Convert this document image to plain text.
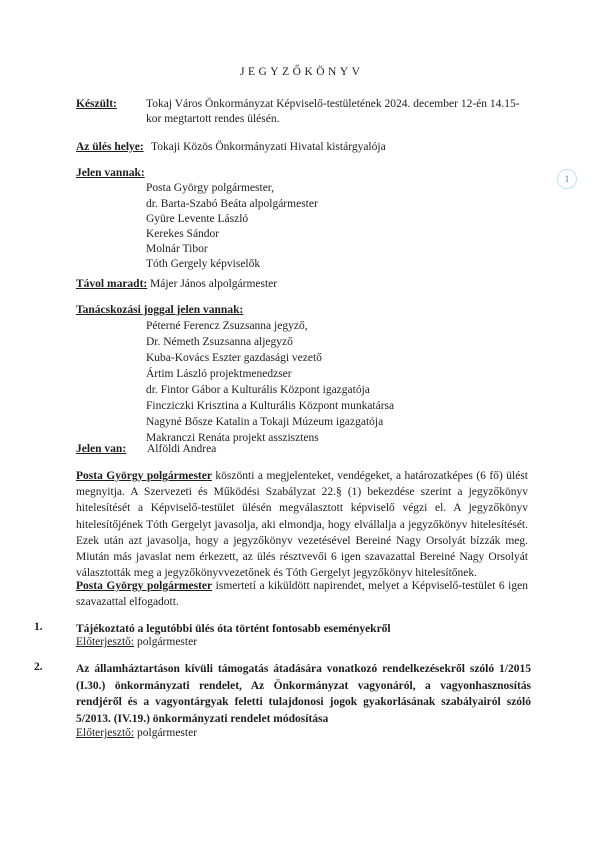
JEGYZŐKÖNYV
Készült:	Tokaj Város Önkormányzat Képviselő-testületének 2024. december 12-én 14.15-
kor megtartott rendes ülésén.
Az ülés helye: Tokaji Közös Önkormányzati Hivatal kistárgyalója
Jelen vannak:
Posta György polgármester,
dr. Barta-Szabó Beáta alpolgármester
Gyüre Levente László
Kerekes Sándor
Molnár Tibor
Tóth Gergely képviselők
Távol maradt: Májer János alpolgármester
Tanácskozási joggal jelen vannak:
Péterné Ferencz Zsuzsanna jegyző,
Dr. Németh Zsuzsanna aljegyző
Kuba-Kovács Eszter gazdasági vezető
Ártim László projektmenedzser
dr. Fintor Gábor a Kulturális Központ igazgatója
Fincziczki Krisztina a Kulturális Központ munkatársa
Nagyné Bősze Katalin a Tokaji Múzeum igazgatója
Makranczi Renáta projekt asszisztens
Jelen van: Alföldi Andrea
Posta György polgármester köszönti a megjelenteket, vendégeket, a határozatképes (6 fő) ülést megnyitja. A Szervezeti és Működési Szabályzat 22.§ (1) bekezdése szerint a jegyzőkönyv hitelesítését a Képviselő-testület ülésén megválasztott képviselő végzi el. A jegyzőkönyv hitelesítőjének Tóth Gergelyt javasolja, aki elmondja, hogy elvállalja a jegyzőkönyv hitelesítését. Ezek után azt javasolja, hogy a jegyzőkönyv vezetésével Bereiné Nagy Orsolyát bízzák meg. Miután más javaslat nem érkezett, az ülés résztvevői 6 igen szavazattal Bereiné Nagy Orsolyát választották meg a jegyzőkönyvvezetőnek és Tóth Gergelyt jegyzőkönyv hitelesítőnek.
Posta György polgármester ismertetí a kiküldött napirendet, melyet a Képviselő-testület 6 igen szavazattal elfogadott.
1.	Tájékoztató a legutóbbi ülés óta történt fontosabb eseményekről
Előterjesztő: polgármester
2.	Az államháztartáson kívüli támogatás átadására vonatkozó rendelkezésekről szóló 1/2015 (I.30.) önkormányzati rendelet, Az Önkormányzat vagyonáról, a vagyonhasznosítás rendjéről és a vagyontárgyak feletti tulajdonosi jogok gyakorlásának szabályairól szóló 5/2013. (IV.19.) önkormányzati rendelet módosítása
Előterjesztő: polgármester
1
